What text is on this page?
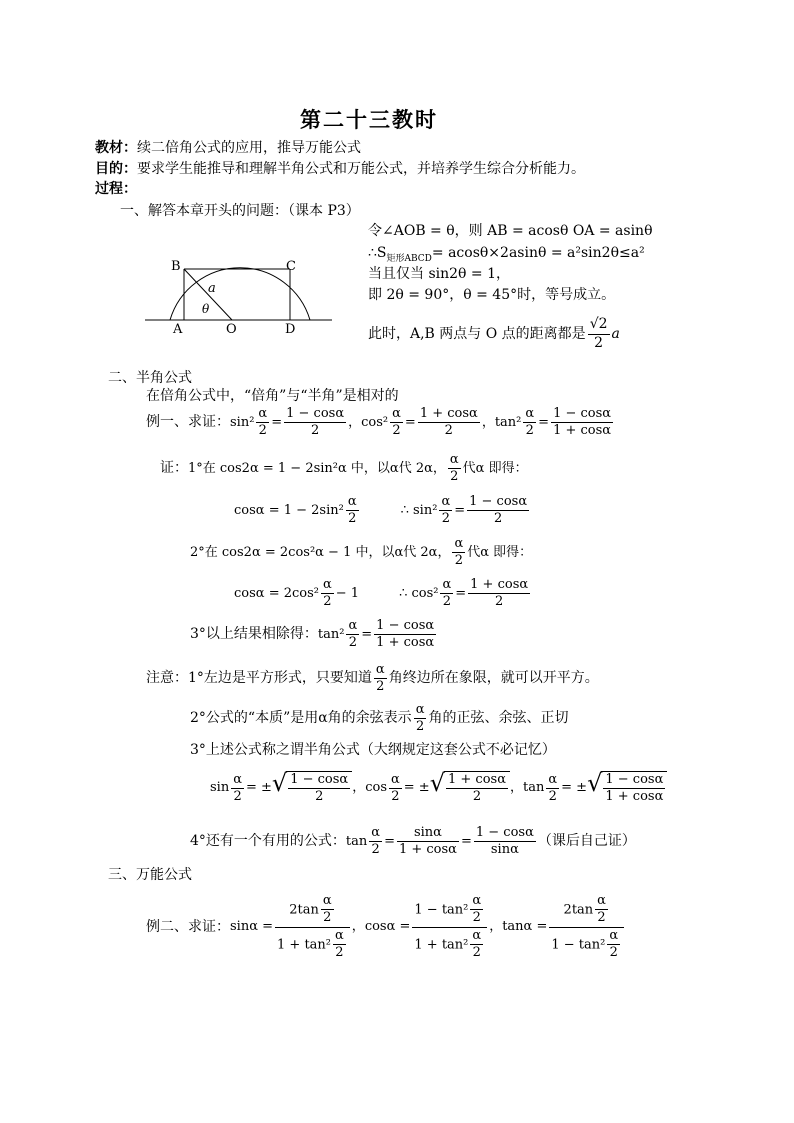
第二十三教时
教材：续二倍角公式的应用，推导万能公式
目的：要求学生能推导和理解半角公式和万能公式，并培养学生综合分析能力。
过程：
一、解答本章开头的问题：（课本 P3）
令∠AOB = θ，则 AB = acosθ OA = asinθ
$\therefore S_{矩形ABCD}= acos\theta\times 2asin\theta = a^2\sin 2\theta\le a^2$
当且仅当 sin2θ = 1，
即 2θ = 90°，θ = 45°时，等号成立。
此时，A,B 两点与 O 点的距离都是 $\frac{√2}{2}$ a
B	C
A	O	D
a
θ
二、半角公式
在倍角公式中，“倍角”与“半角”是相对的
例一、求证： $\sin^2 \frac{\alpha}{2} = \frac{1 - \cos\alpha}{2}$ ， $\cos^2 \frac{\alpha}{2} = \frac{1 + \cos\alpha}{2}$ ， $\tan^2 \frac{\alpha}{2} = \frac{1 - \cos\alpha}{1 + \cos\alpha}$
证： 1°在 cos2α = 1 − 2sin²α 中，以α代 2α， $\frac{\alpha}{2}$ 代α 即得：
$\cos\alpha = 1 - 2\sin^2 \frac{\alpha}{2}$	∴ $\sin^2 \frac{\alpha}{2} = \frac{1 - \cos\alpha}{2}$
2°在 cos2α = 2cos²α − 1 中，以α代 2α， $\frac{\alpha}{2}$ 代α 即得：
$\cos\alpha = 2\cos^2 \frac{\alpha}{2} - 1$	∴ $\cos^2 \frac{\alpha}{2} = \frac{1 + \cos\alpha}{2}$
3°以上结果相除得： $\tan^2 \frac{\alpha}{2} = \frac{1 - \cos\alpha}{1 + \cos\alpha}$
注意： 1°左边是平方形式，只要知道 $\frac{\alpha}{2}$ 角终边所在象限，就可以开平方。
2°公式的“本质”是用α角的余弦表示 $\frac{\alpha}{2}$ 角的正弦、余弦、正切
3°上述公式称之谓半角公式（大纲规定这套公式不必记忆）
$\sin \frac{\alpha}{2}$ = ± √ $\frac{1 - \cos\alpha}{2}$ ， $\cos \frac{\alpha}{2}$ = ± √ $\frac{1 + \cos\alpha}{2}$ ， $\tan \frac{\alpha}{2}$ = ± √ $\frac{1 - \cos\alpha}{1 + \cos\alpha}$
4°还有一个有用的公式： $\tan \frac{\alpha}{2} = \frac{\sin\alpha}{1 + \cos\alpha} = \frac{1 - \cos\alpha}{\sin\alpha}$ （课后自己证）
三、万能公式
例二、求证： $\sin\alpha = \frac{2\tan \frac{\alpha}{2}}{1 + \tan^2 \frac{\alpha}{2}}$ ， $\cos\alpha = \frac{1 - \tan^2 \frac{\alpha}{2}}{1 + \tan^2 \frac{\alpha}{2}}$ ， $\tan\alpha = \frac{2\tan \frac{\alpha}{2}}{1 - \tan^2 \frac{\alpha}{2}}$
